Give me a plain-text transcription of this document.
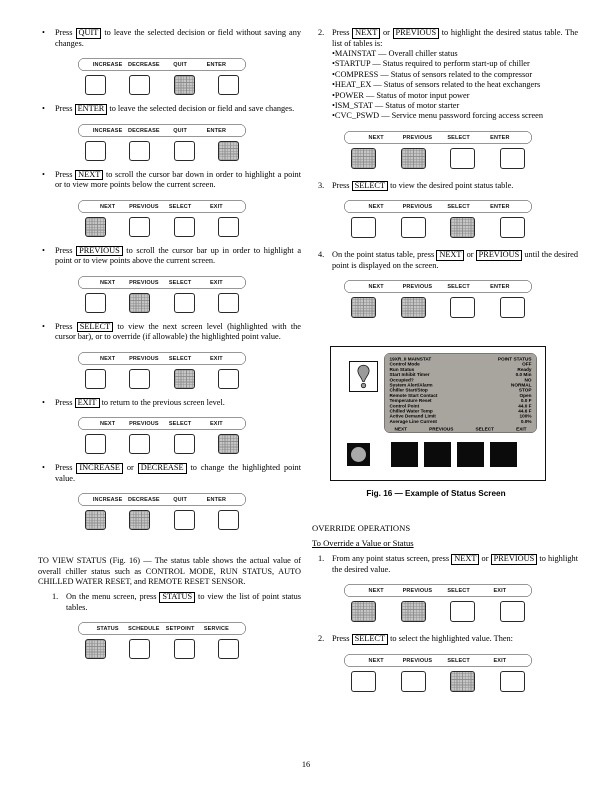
•	Press QUIT to leave the selected decision or field without saving any changes.
INCREASE DECREASE	QUIT	ENTER
•	Press ENTER to leave the selected decision or field and save changes.
INCREASE DECREASE	QUIT	ENTER
•	Press NEXT to scroll the cursor bar down in order to highlight a point or to view more points below the current screen.
NEXT	PREVIOUS SELECT	EXIT
•	Press PREVIOUS to scroll the cursor bar up in order to highlight a point or to view points above the current screen.
NEXT	PREVIOUS SELECT	EXIT
•	Press SELECT to view the next screen level (highlighted with the cursor bar), or to override (if allowable) the highlighted point value.
NEXT	PREVIOUS SELECT	EXIT
•	Press EXIT to return to the previous screen level.
NEXT	PREVIOUS SELECT	EXIT
•	Press INCREASE or DECREASE to change the highlighted point value.
INCREASE DECREASE	QUIT	ENTER
TO VIEW STATUS (Fig. 16) — The status table shows the actual value of overall chiller status such as CONTROL MODE, RUN STATUS, AUTO CHILLED WATER RESET, and REMOTE RESET SENSOR.
1. On the menu screen, press STATUS to view the list of point status tables.
STATUS SCHEDULE SETPOINT SERVICE
2. Press NEXT or PREVIOUS to highlight the desired status table. The list of tables is:
•MAINSTAT — Overall chiller status
•STARTUP — Status required to perform start-up of chiller
•COMPRESS — Status of sensors related to the compressor
•HEAT_EX — Status of sensors related to the heat exchangers
•POWER — Status of motor input power
•ISM_STAT — Status of motor starter
•CVC_PSWD — Service menu password forcing access screen
NEXT	PREVIOUS	SELECT	ENTER
3. Press SELECT to view the desired point status table.
NEXT	PREVIOUS	SELECT	ENTER
4. On the point status table, press NEXT or PREVIOUS until the desired point is displayed on the screen.
NEXT	PREVIOUS	SELECT	ENTER
19XR_II MAINSTAT	POINT STATUS
Control Mode	OFF
Run Status	Ready
Start Inhibit Timer	0.0 Min
Occupied?	NO
System Alert/Alarm	NORMAL
Chiller Start/Stop	STOP
Remote Start Contact	Open
Temperature Reset	0.0 F
Control Point	44.0 F
Chilled Water Temp	44.6 F
Active Demand Limit	100%
Average Line Current	0.0%
NEXT PREVIOUS SELECT EXIT
Fig. 16 — Example of Status Screen
OVERRIDE OPERATIONS
To Override a Value or Status
1. From any point status screen, press NEXT or PREVIOUS to highlight the desired value.
NEXT	PREVIOUS	SELECT	EXIT
2. Press SELECT to select the highlighted value. Then:
NEXT	PREVIOUS	SELECT	EXIT
16
